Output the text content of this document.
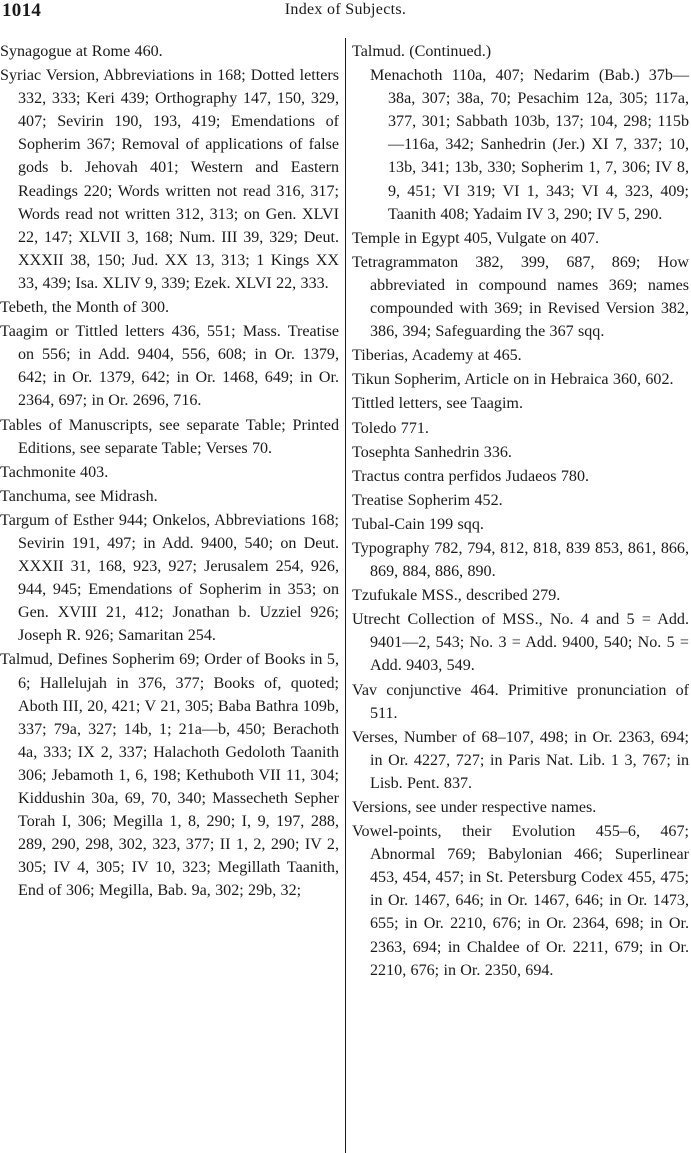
1014	Index of Subjects.

Synagogue at Rome 460.

Syriac Version, Abbreviations in 168; Dotted letters 332, 333; Keri 439; Orthography 147, 150, 329, 407; Sevirin 190, 193, 419; Emendations of Sopherim 367; Removal of applications of false gods b. Jehovah 401; Western and Eastern Readings 220; Words written not read 316, 317; Words read not written 312, 313; on Gen. XLVI 22, 147; XLVII 3, 168; Num. III 39, 329; Deut. XXXII 38, 150; Jud. XX 13, 313; 1 Kings XX 33, 439; Isa. XLIV 9, 339; Ezek. XLVI 22, 333.

Tebeth, the Month of 300.

Taagim or Tittled letters 436, 551; Mass. Treatise on 556; in Add. 9404, 556, 608; in Or. 1379, 642; in Or. 1379, 642; in Or. 1468, 649; in Or. 2364, 697; in Or. 2696, 716.

Tables of Manuscripts, see separate Table; Printed Editions, see separate Table; Verses 70.

Tachmonite 403.

Tanchuma, see Midrash.

Targum of Esther 944; Onkelos, Abbreviations 168; Sevirin 191, 497; in Add. 9400, 540; on Deut. XXXII 31, 168, 923, 927; Jerusalem 254, 926, 944, 945; Emendations of Sopherim in 353; on Gen. XVIII 21, 412; Jonathan b. Uzziel 926; Joseph R. 926; Samaritan 254.

Talmud, Defines Sopherim 69; Order of Books in 5, 6; Hallelujah in 376, 377; Books of, quoted; Aboth III, 20, 421; V 21, 305; Baba Bathra 109b, 337; 79a, 327; 14b, 1; 21a—b, 450; Berachoth 4a, 333; IX 2, 337; Halachoth Gedoloth Taanith 306; Jebamoth 1, 6, 198; Kethuboth VII 11, 304; Kiddushin 30a, 69, 70, 340; Massecheth Sepher Torah I, 306; Megilla 1, 8, 290; I, 9, 197, 288, 289, 290, 298, 302, 323, 377; II 1, 2, 290; IV 2, 305; IV 4, 305; IV 10, 323; Megillath Taanith, End of 306; Megilla, Bab. 9a, 302; 29b, 32;

Talmud. (Continued.)

Menachoth 110a, 407; Nedarim (Bab.) 37b—38a, 307; 38a, 70; Pesachim 12a, 305; 117a, 377, 301; Sabbath 103b, 137; 104, 298; 115b—116a, 342; Sanhedrin (Jer.) XI 7, 337; 10, 13b, 341; 13b, 330; Sopherim 1, 7, 306; IV 8, 9, 451; VI 319; VI 1, 343; VI 4, 323, 409; Taanith 408; Yadaim IV 3, 290; IV 5, 290.

Temple in Egypt 405, Vulgate on 407.

Tetragrammaton 382, 399, 687, 869; How abbreviated in compound names 369; names compounded with 369; in Revised Version 382, 386, 394; Safeguarding the 367 sqq.

Tiberias, Academy at 465.

Tikun Sopherim, Article on in Hebraica 360, 602.

Tittled letters, see Taagim.

Toledo 771.

Tosephta Sanhedrin 336.

Tractus contra perfidos Judaeos 780.

Treatise Sopherim 452.

Tubal-Cain 199 sqq.

Typography 782, 794, 812, 818, 839 853, 861, 866, 869, 884, 886, 890.

Tzufukale MSS., described 279.

Utrecht Collection of MSS., No. 4 and 5 = Add. 9401—2, 543; No. 3 = Add. 9400, 540; No. 5 = Add. 9403, 549.

Vav conjunctive 464. Primitive pronunciation of 511.

Verses, Number of 68–107, 498; in Or. 2363, 694; in Or. 4227, 727; in Paris Nat. Lib. 1 3, 767; in Lisb. Pent. 837.

Versions, see under respective names.

Vowel-points, their Evolution 455–6, 467; Abnormal 769; Babylonian 466; Superlinear 453, 454, 457; in St. Petersburg Codex 455, 475; in Or. 1467, 646; in Or. 1467, 646; in Or. 1473, 655; in Or. 2210, 676; in Or. 2364, 698; in Or. 2363, 694; in Chaldee of Or. 2211, 679; in Or. 2210, 676; in Or. 2350, 694.
